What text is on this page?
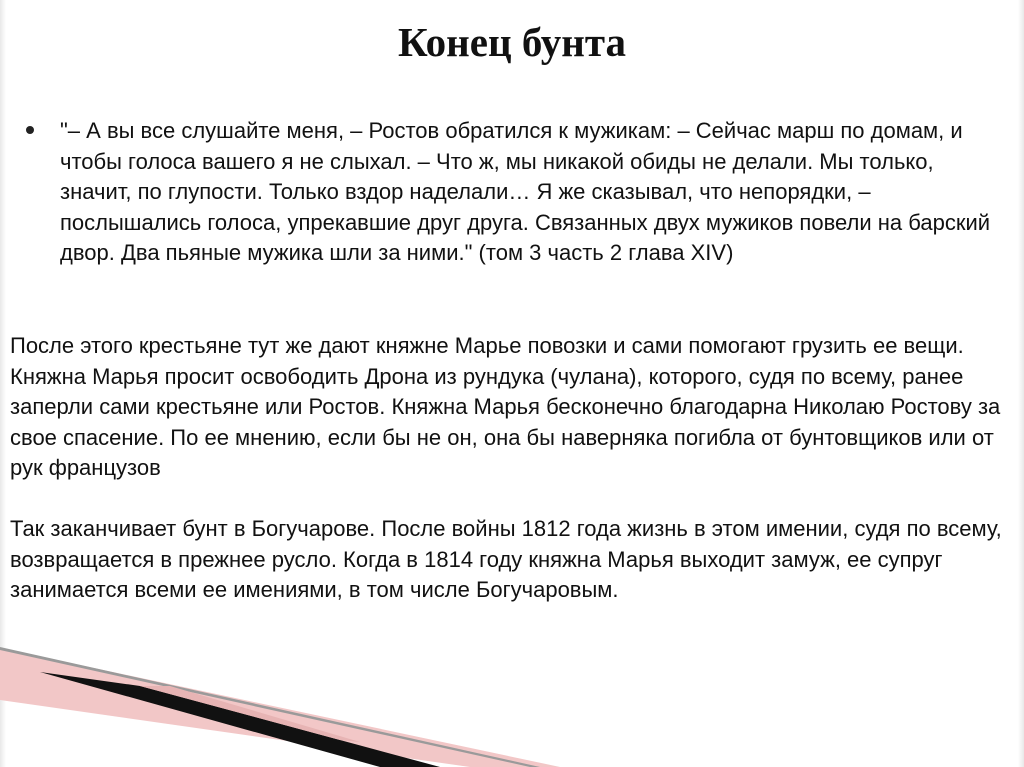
Конец бунта
"– А вы все слушайте меня, – Ростов обратился к мужикам: – Сейчас марш по домам, и чтобы голоса вашего я не слыхал. – Что ж, мы никакой обиды не делали. Мы только, значит, по глупости. Только вздор наделали… Я же сказывал, что непорядки, – послышались голоса, упрекавшие друг друга. Связанных двух мужиков повели на барский двор. Два пьяные мужика шли за ними." (том 3 часть 2 глава XIV)
После этого крестьяне тут же дают княжне Марье повозки и сами помогают грузить ее вещи. Княжна Марья просит освободить Дрона из рундука (чулана), которого, судя по всему, ранее заперли сами крестьяне или Ростов. Княжна Марья бесконечно благодарна Николаю Ростову за свое спасение. По ее мнению, если бы не он, она бы наверняка погибла от бунтовщиков или от рук французов
Так заканчивает бунт в Богучарове. После войны 1812 года жизнь в этом имении, судя по всему, возвращается в прежнее русло. Когда в 1814 году княжна Марья выходит замуж, ее супруг занимается всеми ее имениями, в том числе Богучаровым.
